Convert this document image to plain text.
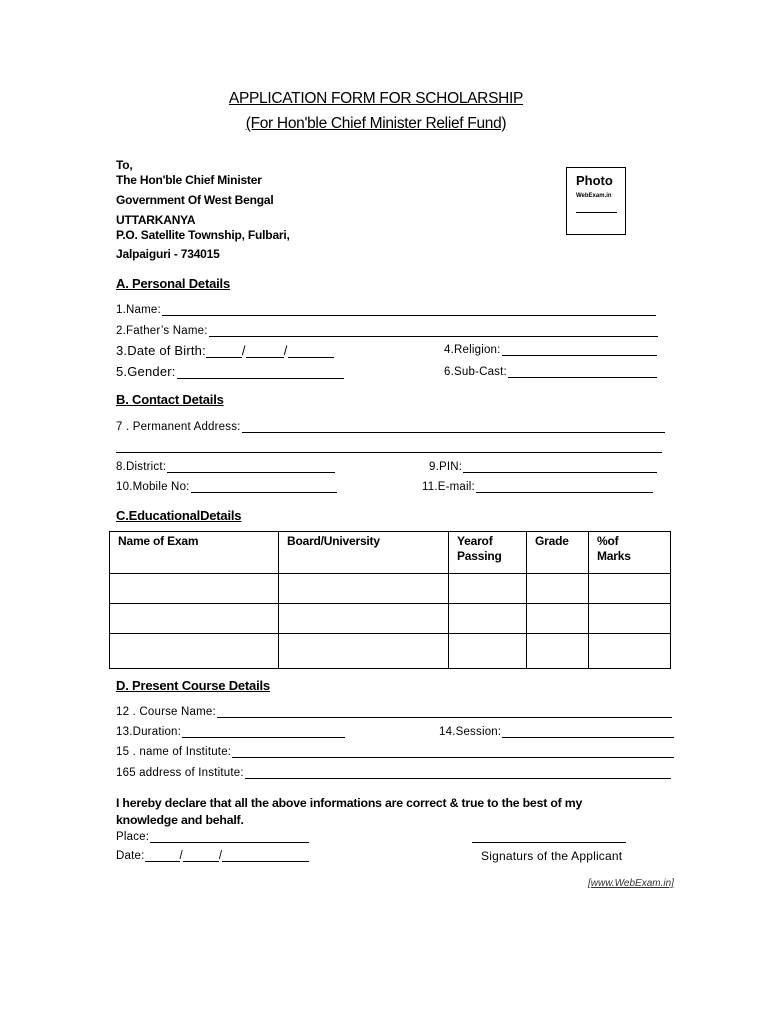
APPLICATION FORM FOR SCHOLARSHIP
(For Hon'ble Chief Minister Relief Fund)
To,
The Hon'ble Chief Minister
Government Of West Bengal
UTTARKANYA
P.O. Satellite Township, Fulbari,
Jalpaiguri - 734015
Photo
WebExam.in
A. Personal Details
1.Name:
2.Father’s Name:
3.Date of Birth:	/	/	4.Religion:
5.Gender:	6.Sub-Cast:
B. Contact Details
7 . Permanent Address:
8.District:	9.PIN:
10.Mobile No:	11.E-mail:
C.EducationalDetails
Name of Exam	Board/University	Yearof Passing	Grade	%of Marks

D. Present Course Details
12 . Course Name:
13.Duration:	14.Session:
15 . name of Institute:
165 address of Institute:
I hereby declare that all the above informations are correct & true to the best of my knowledge and behalf.
Place:
Date:	/	/	Signaturs of the Applicant
[www.WebExam.in]
